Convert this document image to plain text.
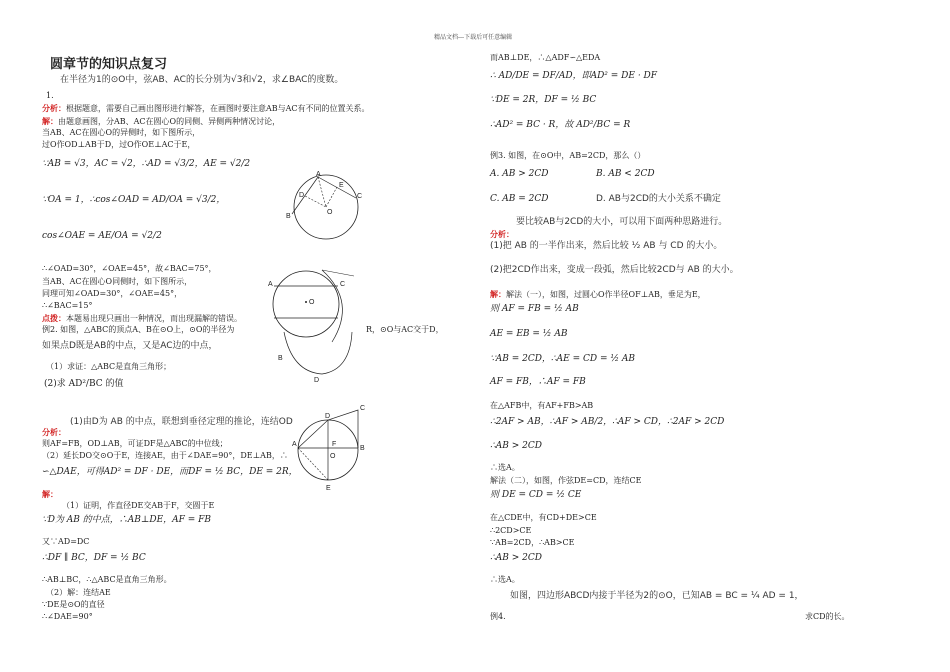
精品文档---下载后可任意编辑
圆章节的知识点复习
在半径为1的⊙O中，弦AB、AC的长分别为√3和√2，求∠BAC的度数。
1.
分析：根据题意，需要自己画出图形进行解答，在画图时要注意AB与AC有不同的位置关系。
解：由题意画图，分AB、AC在圆心O的同侧、异侧两种情况讨论，
当AB、AC在圆心O的异侧时，如下图所示，
过O作OD⊥AB于D，过O作OE⊥AC于E，
∵AB = √3，AC = √2，∴AD = √3/2，AE = √2/2
∵OA = 1，∴cos∠OAD = AD/OA = √3/2，
cos∠OAE = AE/OA = √2/2
∴∠OAD=30°，∠OAE=45°，故∠BAC=75°，
当AB、AC在圆心O同侧时，如下图所示，
同理可知∠OAD=30°，∠OAE=45°，
∴∠BAC=15°
点拨：本题易出现只画出一种情况，而出现漏解的错误。
例2. 如图，△ABC的顶点A、B在⊙O上，⊙O的半径为	R，⊙O与AC交于D，
如果点D既是AB的中点，又是AC边的中点，
（1）求证：△ABC是直角三角形；
(2)求 AD²/BC 的值
(1)由D为 AB 的中点，联想到垂径定理的推论，连结OD
分析：
则AF=FB，OD⊥AB，可证DF是△ABC的中位线；
（2）延长DO交⊙O于E，连接AE，由于∠DAE=90°，DE⊥AB，∴
∽△DAE，可得AD² = DF · DE，而DF = ½ BC，DE = 2R，
解：
（1）证明，作直径DE交AB于F，交圆于E
∵D为 AB 的中点，∴AB⊥DE，AF = FB
又∵AD=DC
∴DF ∥ BC，DF = ½ BC
∴AB⊥BC，∴△ABC是直角三角形。
（2）解：连结AE
∵DE是⊙O的直径
∴∠DAE=90°
A
C
B
E
D
O
A	C
D
B
O
A
B
C
D
E
F
O
而AB⊥DE，∴△ADF∽△EDA
∴ AD/DE = DF/AD，即AD² = DE · DF
∵DE = 2R，DF = ½ BC
∴AD² = BC · R，故 AD²/BC = R
例3. 如图，在⊙O中，AB=2CD，那么（）
A. AB > 2CD	B. AB < 2CD
C. AB = 2CD	D. AB与2CD的大小关系不确定
要比较AB与2CD的大小，可以用下面两种思路进行。
分析：
(1)把 AB 的一半作出来，然后比较 ½ AB 与 CD 的大小。
(2)把2CD作出来，变成一段弧，然后比较2CD与 AB 的大小。
解：解法（一），如图，过圆心O作半径OF⊥AB，垂足为E，
则 AF = FB = ½ AB
AE = EB = ½ AB
∵AB = 2CD，∴AE = CD = ½ AB
AF = FB，∴AF = FB
在△AFB中，有AF+FB>AB
∴2AF > AB，∴AF > AB/2，∴AF > CD，∴2AF > 2CD
∴AB > 2CD
∴选A。
解法（二），如图，作弦DE=CD，连结CE
则 DE = CD = ½ CE
在△CDE中，有CD+DE>CE
∴2CD>CE
∵AB=2CD，∴AB>CE
∴AB > 2CD
∴选A。
如图，四边形ABCD内接于半径为2的⊙O，已知AB = BC = ¼ AD = 1，
例4.	求CD的长。
